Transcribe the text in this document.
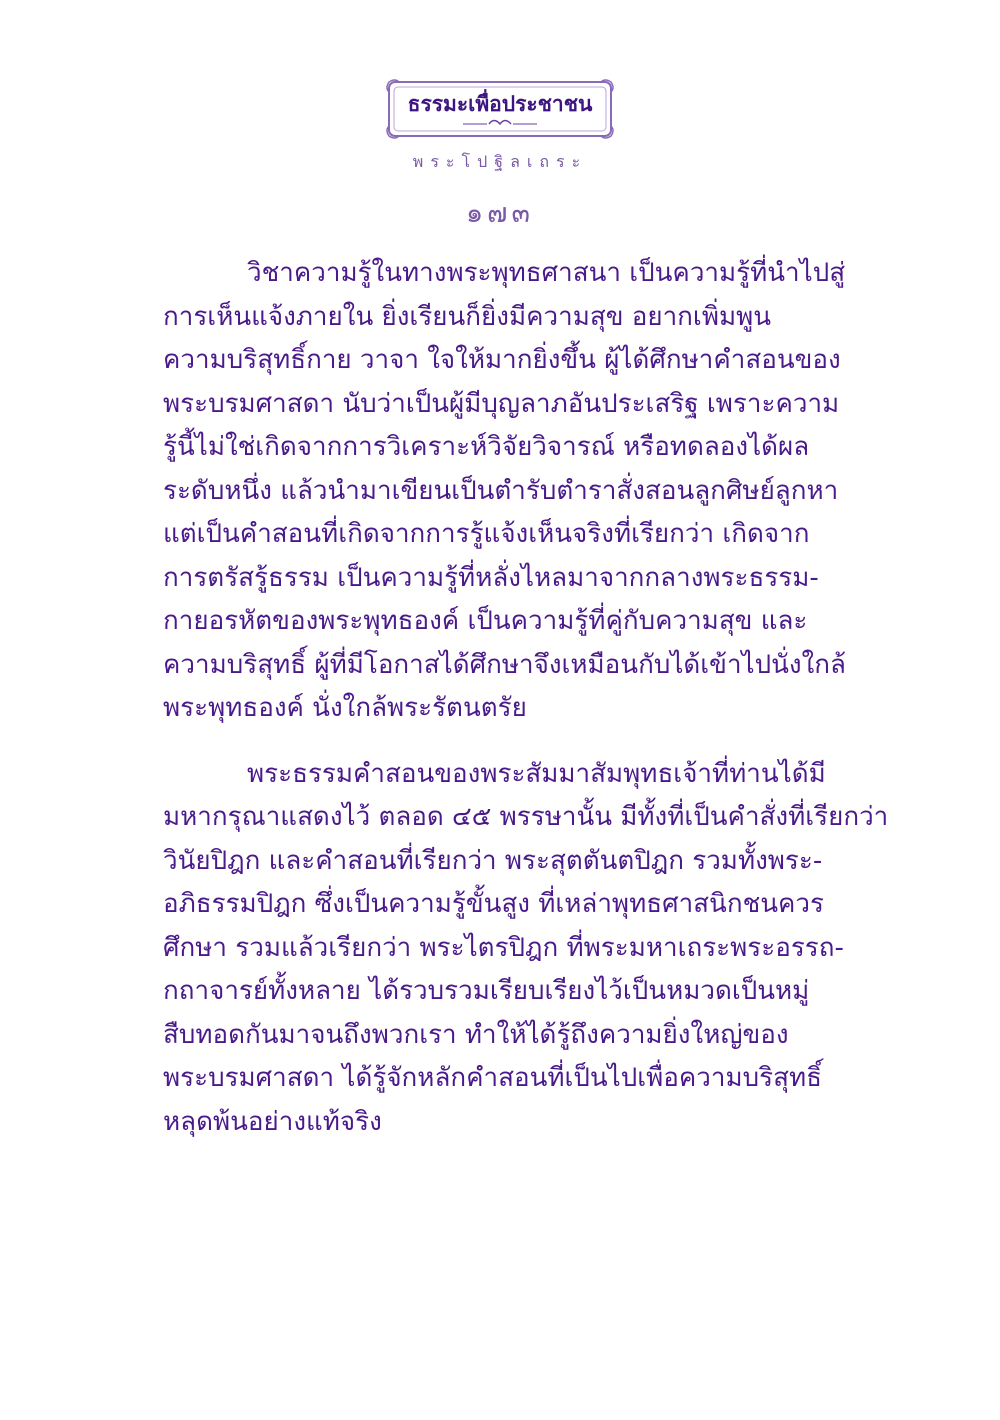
ธรรมะเพื่อประชาชน
พระโปฐิลเถระ
๑๗๓

วิชาความรู้ในทางพระพุทธศาสนา เป็นความรู้ที่นำไปสู่
การเห็นแจ้งภายใน ยิ่งเรียนก็ยิ่งมีความสุข อยากเพิ่มพูน
ความบริสุทธิ์กาย วาจา ใจให้มากยิ่งขึ้น ผู้ได้ศึกษาคำสอนของ
พระบรมศาสดา นับว่าเป็นผู้มีบุญลาภอันประเสริฐ เพราะความ
รู้นี้ไม่ใช่เกิดจากการวิเคราะห์วิจัยวิจารณ์ หรือทดลองได้ผล
ระดับหนึ่ง แล้วนำมาเขียนเป็นตำรับตำราสั่งสอนลูกศิษย์ลูกหา
แต่เป็นคำสอนที่เกิดจากการรู้แจ้งเห็นจริงที่เรียกว่า เกิดจาก
การตรัสรู้ธรรม เป็นความรู้ที่หลั่งไหลมาจากกลางพระธรรม-
กายอรหัตของพระพุทธองค์ เป็นความรู้ที่คู่กับความสุข และ
ความบริสุทธิ์ ผู้ที่มีโอกาสได้ศึกษาจึงเหมือนกับได้เข้าไปนั่งใกล้
พระพุทธองค์ นั่งใกล้พระรัตนตรัย

พระธรรมคำสอนของพระสัมมาสัมพุทธเจ้าที่ท่านได้มี
มหากรุณาแสดงไว้ ตลอด ๔๕ พรรษานั้น มีทั้งที่เป็นคำสั่งที่เรียกว่า
วินัยปิฎก และคำสอนที่เรียกว่า พระสุตตันตปิฎก รวมทั้งพระ-
อภิธรรมปิฎก ซึ่งเป็นความรู้ขั้นสูง ที่เหล่าพุทธศาสนิกชนควร
ศึกษา รวมแล้วเรียกว่า พระไตรปิฎก ที่พระมหาเถระพระอรรถ-
กถาจารย์ทั้งหลาย ได้รวบรวมเรียบเรียงไว้เป็นหมวดเป็นหมู่
สืบทอดกันมาจนถึงพวกเรา ทำให้ได้รู้ถึงความยิ่งใหญ่ของ
พระบรมศาสดา ได้รู้จักหลักคำสอนที่เป็นไปเพื่อความบริสุทธิ์
หลุดพ้นอย่างแท้จริง
